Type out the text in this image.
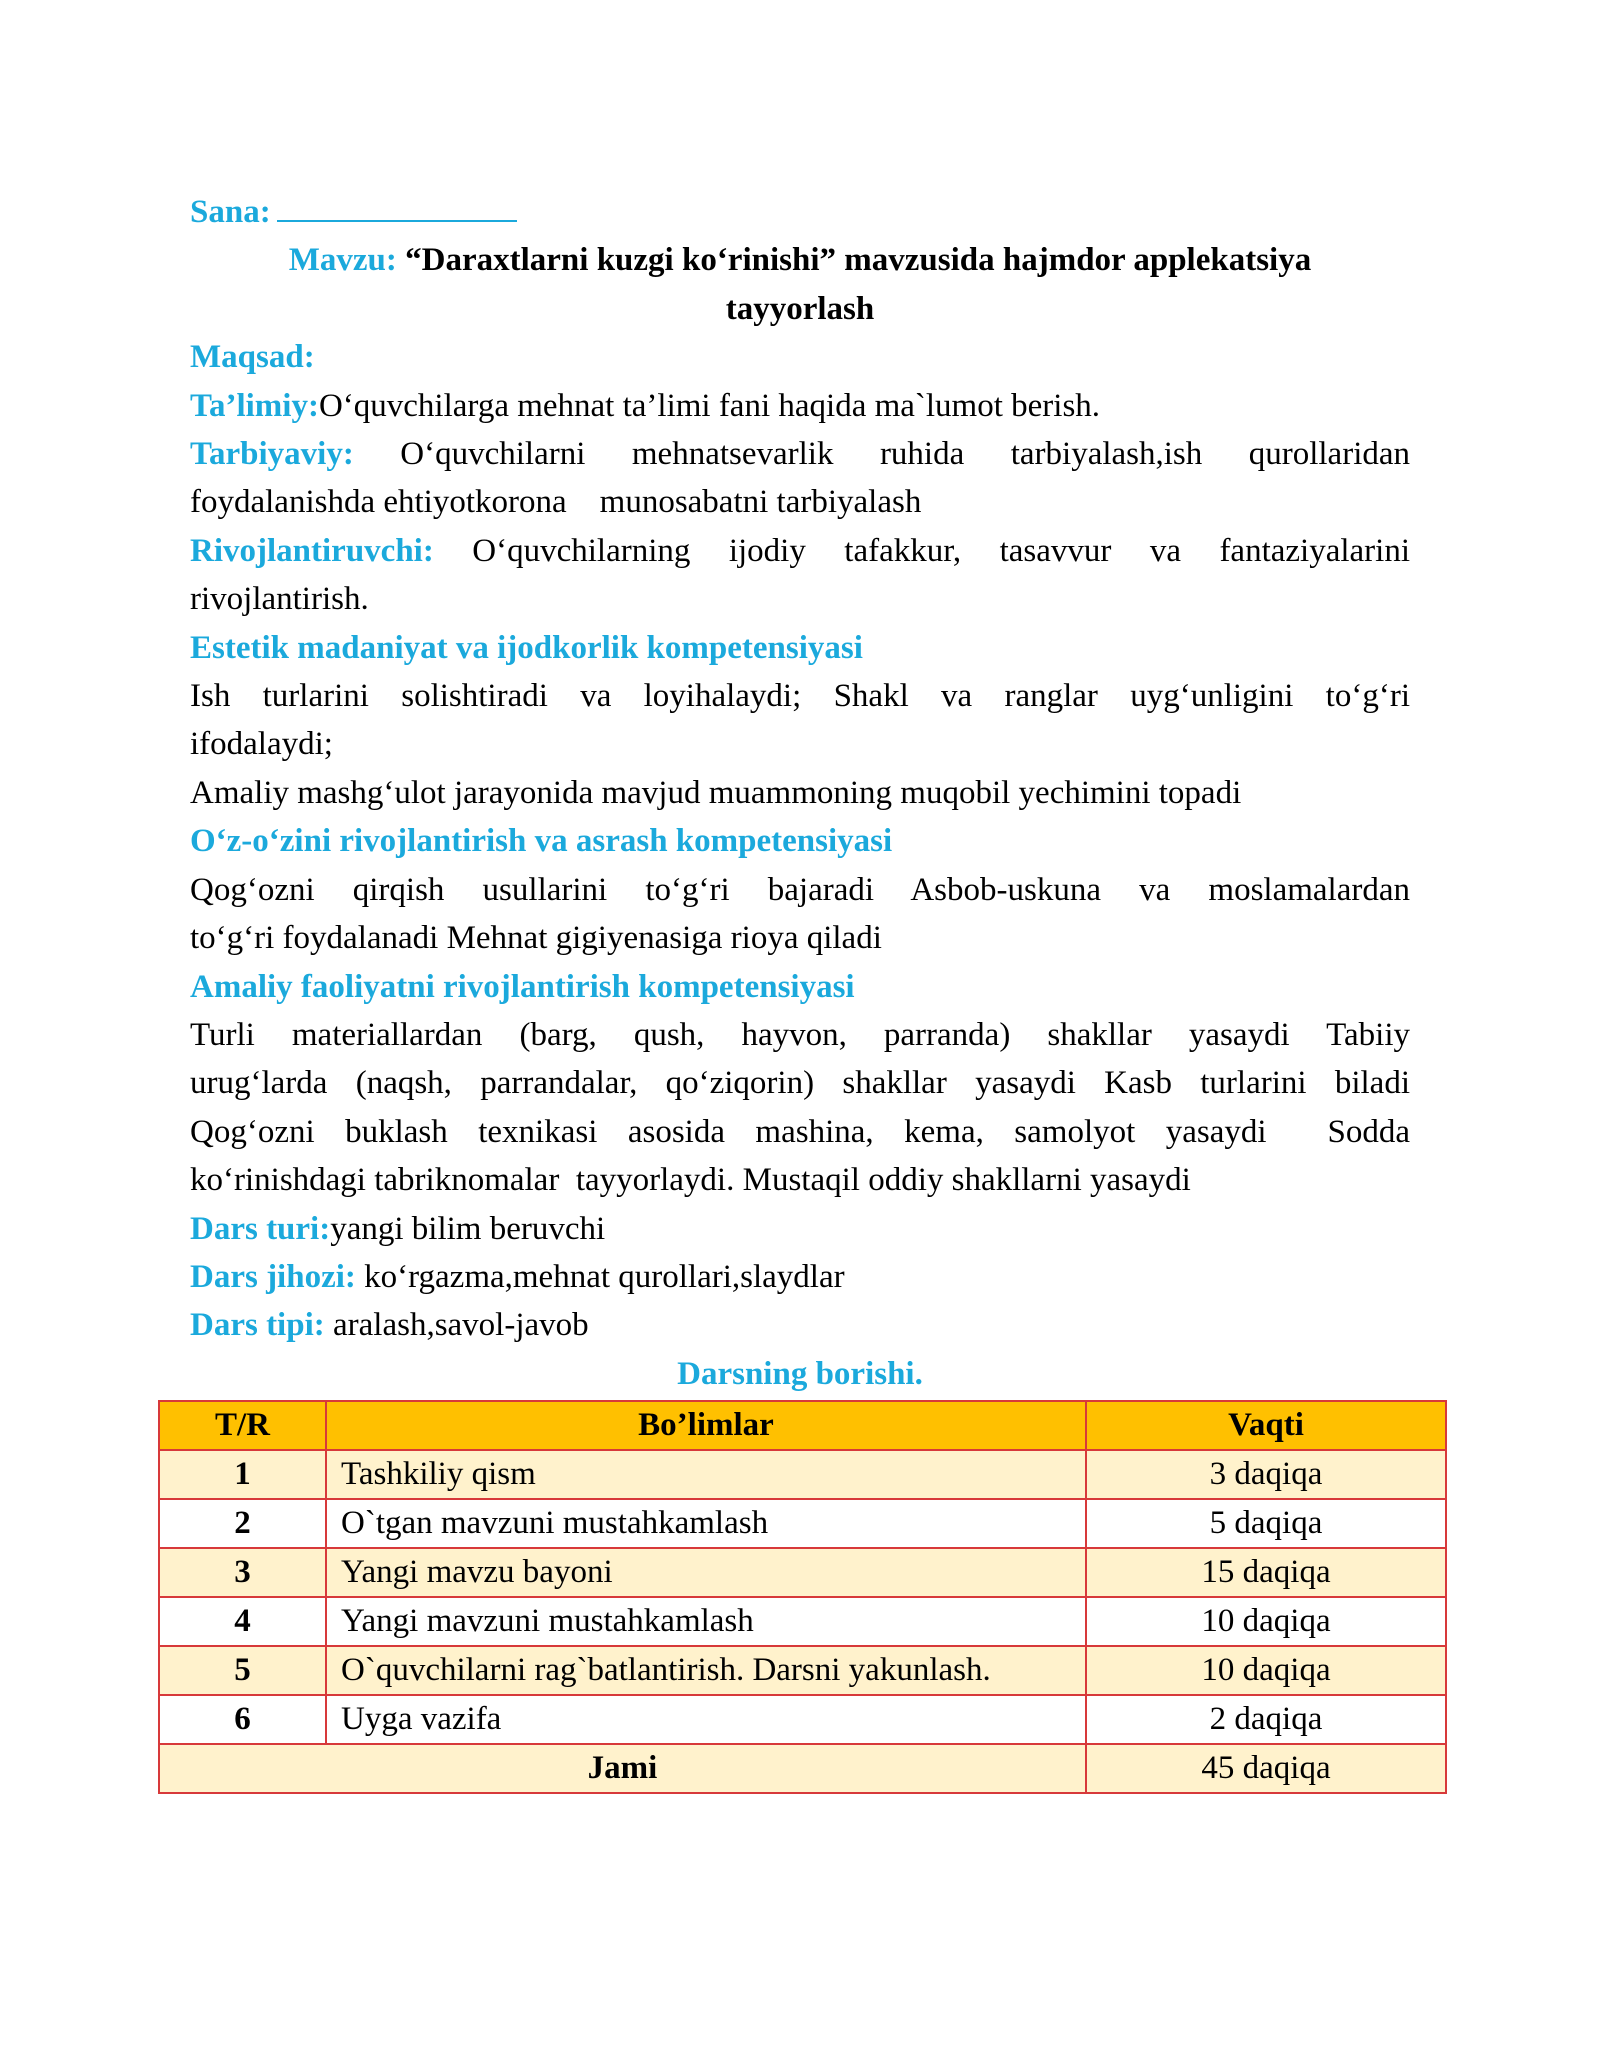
Sana:
Mavzu: “Daraxtlarni kuzgi ko‘rinishi” mavzusida hajmdor applekatsiya
tayyorlash
Maqsad:
Ta’limiy:O‘quvchilarga mehnat ta’limi fani haqida ma`lumot berish.
Tarbiyaviy: O‘quvchilarni mehnatsevarlik ruhida tarbiyalash,ish qurollaridan
foydalanishda ehtiyotkorona    munosabatni tarbiyalash
Rivojlantiruvchi: O‘quvchilarning ijodiy tafakkur, tasavvur va fantaziyalarini
rivojlantirish.
Estetik madaniyat va ijodkorlik kompetensiyasi
Ish turlarini solishtiradi va loyihalaydi; Shakl va ranglar uyg‘unligini to‘g‘ri
ifodalaydi;
Amaliy mashg‘ulot jarayonida mavjud muammoning muqobil yechimini topadi
O‘z-o‘zini rivojlantirish va asrash kompetensiyasi
Qog‘ozni qirqish usullarini to‘g‘ri bajaradi Asbob-uskuna va moslamalardan
to‘g‘ri foydalanadi Mehnat gigiyenasiga rioya qiladi
Amaliy faoliyatni rivojlantirish kompetensiyasi
Turli materiallardan (barg, qush, hayvon, parranda) shakllar yasaydi Tabiiy
urug‘larda (naqsh, parrandalar, qo‘ziqorin) shakllar yasaydi Kasb turlarini biladi
Qog‘ozni buklash texnikasi asosida mashina, kema, samolyot yasaydi  Sodda
ko‘rinishdagi tabriknomalar  tayyorlaydi. Mustaqil oddiy shakllarni yasaydi
Dars turi:yangi bilim beruvchi
Dars jihozi: ko‘rgazma,mehnat qurollari,slaydlar
Dars tipi: aralash,savol-javob
Darsning borishi.
T/R	Bo’limlar	Vaqti
1	Tashkiliy qism	3 daqiqa
2	O`tgan mavzuni mustahkamlash	5 daqiqa
3	Yangi mavzu bayoni	15 daqiqa
4	Yangi mavzuni mustahkamlash	10 daqiqa
5	O`quvchilarni rag`batlantirish. Darsni yakunlash.	10 daqiqa
6	Uyga vazifa	2 daqiqa
Jami		45 daqiqa
